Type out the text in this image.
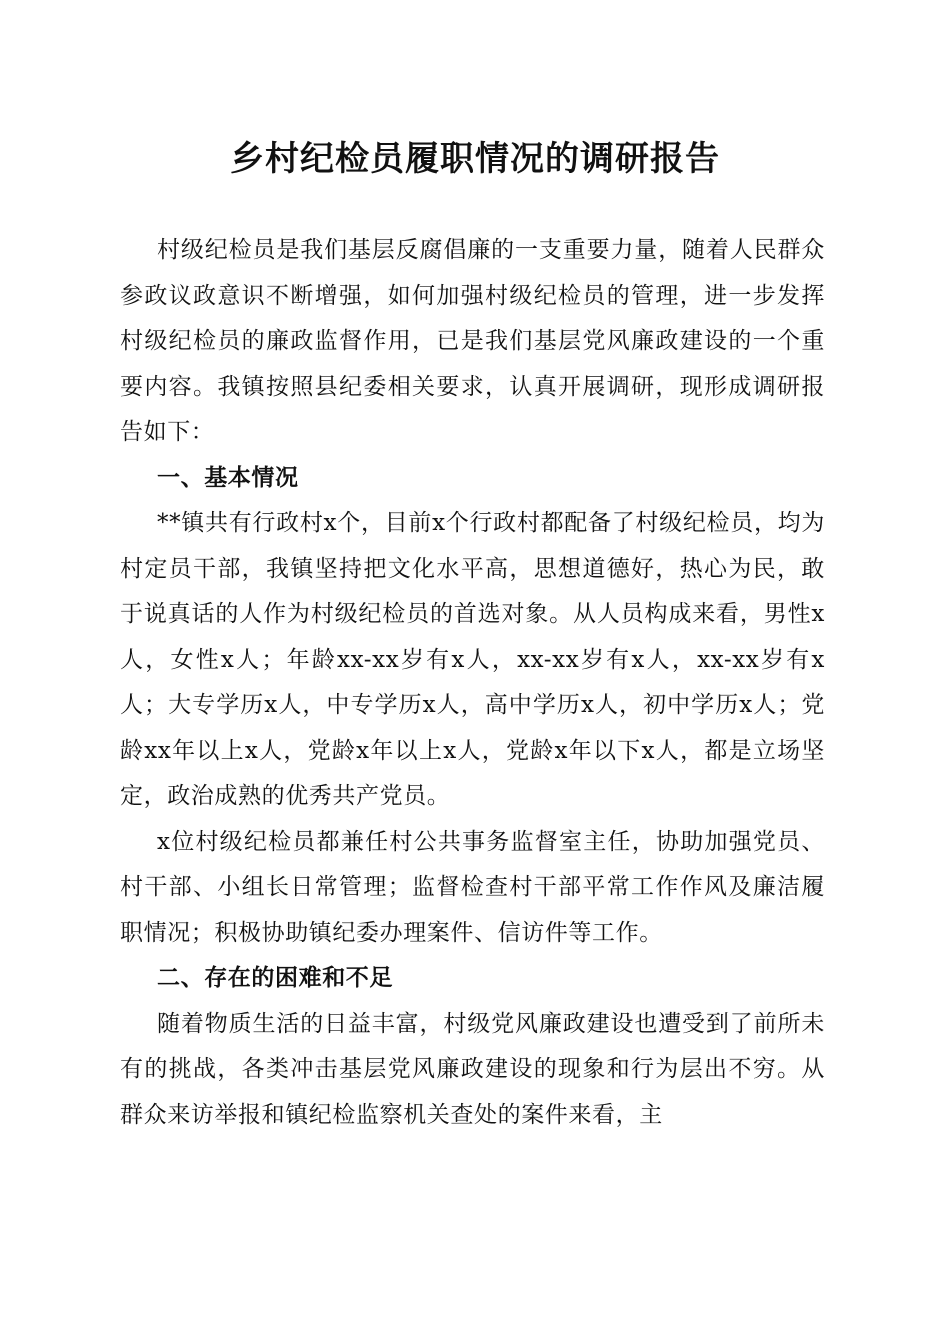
乡村纪检员履职情况的调研报告

村级纪检员是我们基层反腐倡廉的一支重要力量，随着人民群众参政议政意识不断增强，如何加强村级纪检员的管理，进一步发挥村级纪检员的廉政监督作用，已是我们基层党风廉政建设的一个重要内容。我镇按照县纪委相关要求，认真开展调研，现形成调研报告如下：

一、基本情况

**镇共有行政村x个，目前x个行政村都配备了村级纪检员，均为村定员干部，我镇坚持把文化水平高，思想道德好，热心为民，敢于说真话的人作为村级纪检员的首选对象。从人员构成来看，男性x人，女性x人；年龄xx-xx岁有x人，xx-xx岁有x人，xx-xx岁有x人；大专学历x人，中专学历x人，高中学历x人，初中学历x人；党龄xx年以上x人，党龄x年以上x人，党龄x年以下x人，都是立场坚定，政治成熟的优秀共产党员。

x位村级纪检员都兼任村公共事务监督室主任，协助加强党员、村干部、小组长日常管理；监督检查村干部平常工作作风及廉洁履职情况；积极协助镇纪委办理案件、信访件等工作。

二、存在的困难和不足

随着物质生活的日益丰富，村级党风廉政建设也遭受到了前所未有的挑战，各类冲击基层党风廉政建设的现象和行为层出不穷。从群众来访举报和镇纪检监察机关查处的案件来看，主
